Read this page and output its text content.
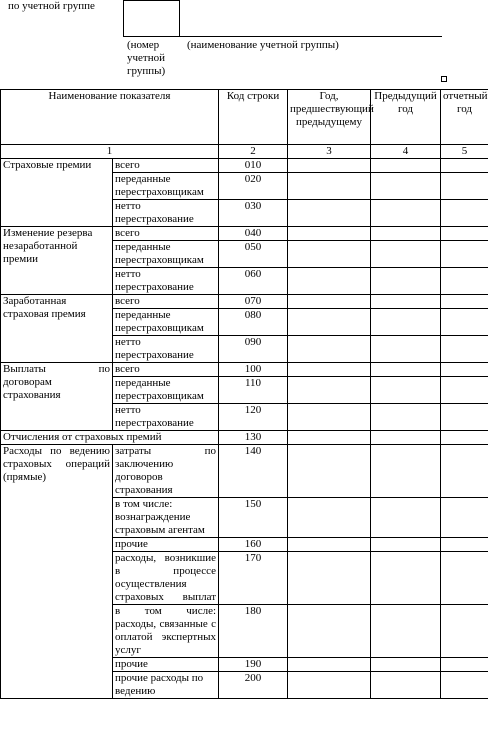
по учетной группе
(номер
учетной
группы)
(наименование учетной группы)
Наименование показателя		Код строки	Год, предшествующий предыдущему	Предыдущий год	отчетный год
1		2	3	4	5
Страховые премии	всего	010			
	переданные перестраховщикам	020			
	нетто перестрахование	030			
Изменение резерва незаработанной премии	всего	040			
	переданные перестраховщикам	050			
	нетто перестрахование	060			
Заработанная страховая премия	всего	070			
	переданные перестраховщикам	080			
	нетто перестрахование	090			
Выплаты по договорам страхования	всего	100			
	переданные перестраховщикам	110			
	нетто перестрахование	120			
Отчисления от страховых премий		130			
Расходы по ведению страховых операций (прямые)	затраты по заключению договоров страхования	140			
	в том числе: вознаграждение страховым агентам	150			
	прочие	160			
	расходы, возникшие в процессе осуществления страховых выплат	170			
	в том числе: расходы, связанные с оплатой экспертных услуг	180			
	прочие	190			
	прочие расходы по ведению	200			
